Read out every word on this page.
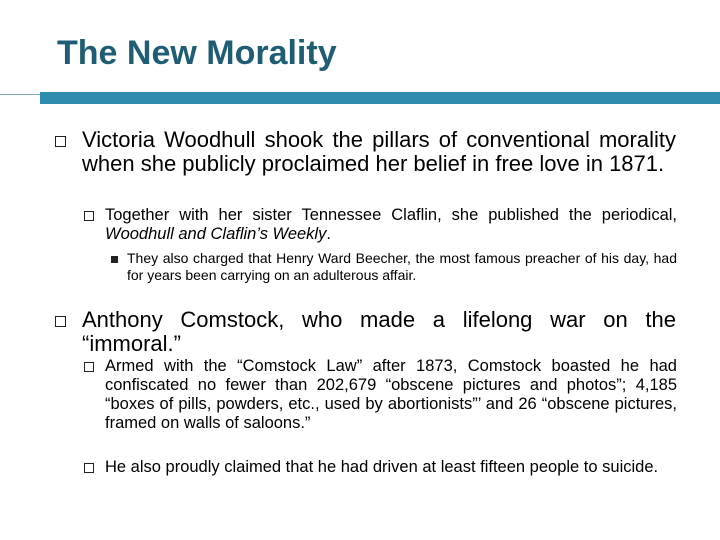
The New Morality

Victoria Woodhull shook the pillars of conventional morality when she publicly proclaimed her belief in free love in 1871.

Together with her sister Tennessee Claflin, she published the periodical, Woodhull and Claflin’s Weekly.

They also charged that Henry Ward Beecher, the most famous preacher of his day, had for years been carrying on an adulterous affair.

Anthony Comstock, who made a lifelong war on the “immoral.”

Armed with the “Comstock Law” after 1873, Comstock boasted he had confiscated no fewer than 202,679 “obscene pictures and photos”; 4,185 “boxes of pills, powders, etc., used by abortionists”’ and 26 “obscene pictures, framed on walls of saloons.”

He also proudly claimed that he had driven at least fifteen people to suicide.
